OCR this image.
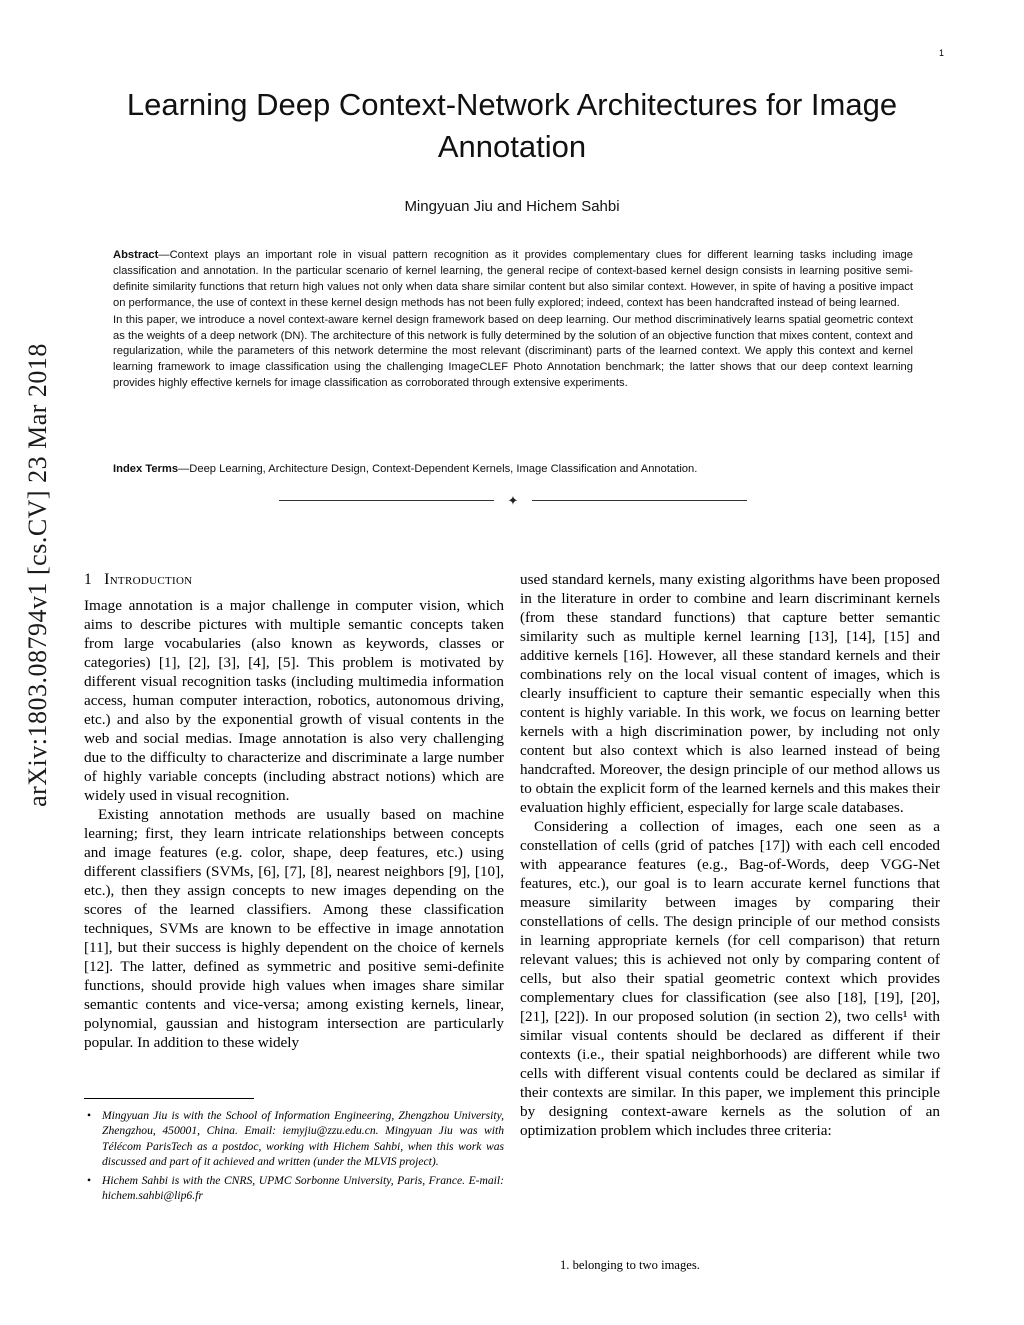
arXiv:1803.08794v1 [cs.CV] 23 Mar 2018
1
Learning Deep Context-Network Architectures for Image Annotation
Mingyuan Jiu and Hichem Sahbi

Abstract—Context plays an important role in visual pattern recognition as it provides complementary clues for different learning tasks including image classification and annotation. In the particular scenario of kernel learning, the general recipe of context-based kernel design consists in learning positive semi-definite similarity functions that return high values not only when data share similar content but also similar context. However, in spite of having a positive impact on performance, the use of context in these kernel design methods has not been fully explored; indeed, context has been handcrafted instead of being learned.

In this paper, we introduce a novel context-aware kernel design framework based on deep learning. Our method discriminatively learns spatial geometric context as the weights of a deep network (DN). The architecture of this network is fully determined by the solution of an objective function that mixes content, context and regularization, while the parameters of this network determine the most relevant (discriminant) parts of the learned context. We apply this context and kernel learning framework to image classification using the challenging ImageCLEF Photo Annotation benchmark; the latter shows that our deep context learning provides highly effective kernels for image classification as corroborated through extensive experiments.

Index Terms—Deep Learning, Architecture Design, Context-Dependent Kernels, Image Classification and Annotation.
✦
1 Introduction

Image annotation is a major challenge in computer vision, which aims to describe pictures with multiple semantic concepts taken from large vocabularies (also known as keywords, classes or categories) [1], [2], [3], [4], [5]. This problem is motivated by different visual recognition tasks (including multimedia information access, human computer interaction, robotics, autonomous driving, etc.) and also by the exponential growth of visual contents in the web and social medias. Image annotation is also very challenging due to the difficulty to characterize and discriminate a large number of highly variable concepts (including abstract notions) which are widely used in visual recognition.

Existing annotation methods are usually based on machine learning; first, they learn intricate relationships between concepts and image features (e.g. color, shape, deep features, etc.) using different classifiers (SVMs, [6], [7], [8], nearest neighbors [9], [10], etc.), then they assign concepts to new images depending on the scores of the learned classifiers. Among these classification techniques, SVMs are known to be effective in image annotation [11], but their success is highly dependent on the choice of kernels [12]. The latter, defined as symmetric and positive semi-definite functions, should provide high values when images share similar semantic contents and vice-versa; among existing kernels, linear, polynomial, gaussian and histogram intersection are particularly popular. In addition to these widely

used standard kernels, many existing algorithms have been proposed in the literature in order to combine and learn discriminant kernels (from these standard functions) that capture better semantic similarity such as multiple kernel learning [13], [14], [15] and additive kernels [16]. However, all these standard kernels and their combinations rely on the local visual content of images, which is clearly insufficient to capture their semantic especially when this content is highly variable. In this work, we focus on learning better kernels with a high discrimination power, by including not only content but also context which is also learned instead of being handcrafted. Moreover, the design principle of our method allows us to obtain the explicit form of the learned kernels and this makes their evaluation highly efficient, especially for large scale databases.

Considering a collection of images, each one seen as a constellation of cells (grid of patches [17]) with each cell encoded with appearance features (e.g., Bag-of-Words, deep VGG-Net features, etc.), our goal is to learn accurate kernel functions that measure similarity between images by comparing their constellations of cells. The design principle of our method consists in learning appropriate kernels (for cell comparison) that return relevant values; this is achieved not only by comparing content of cells, but also their spatial geometric context which provides complementary clues for classification (see also [18], [19], [20], [21], [22]). In our proposed solution (in section 2), two cells¹ with similar visual contents should be declared as different if their contexts (i.e., their spatial neighborhoods) are different while two cells with different visual contents could be declared as similar if their contexts are similar. In this paper, we implement this principle by designing context-aware kernels as the solution of an optimization problem which includes three criteria:

• Mingyuan Jiu is with the School of Information Engineering, Zhengzhou University, Zhengzhou, 450001, China. Email: iemyjiu@zzu.edu.cn. Mingyuan Jiu was with Télécom ParisTech as a postdoc, working with Hichem Sahbi, when this work was discussed and part of it achieved and written (under the MLVIS project).
• Hichem Sahbi is with the CNRS, UPMC Sorbonne University, Paris, France. E-mail: hichem.sahbi@lip6.fr
1. belonging to two images.
